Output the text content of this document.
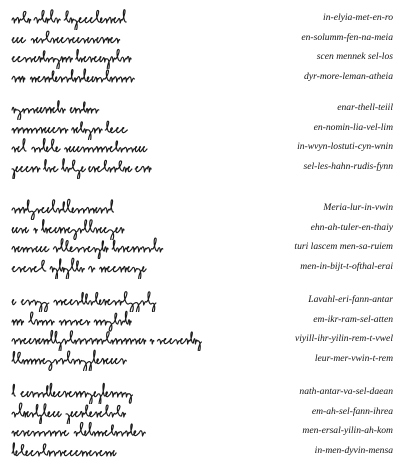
in-elyia-met-en-ro
en-solumm-fen-na-meia
scen mennek sel-los
dyr-more-leman-atheia
enar-thell-teiil
en-nomin-lia-vel-lim
in-wvyn-lostuti-cyn-wnin
sel-les-hahn-rudis-fynn
Meria-lur-in-vwin
ehn-ah-tuler-en-thaiy
turi lascem men-sa-ruiem
men-in-bijt-t-ofthal-erai
Lavahl-eri-fann-antar
em-ikr-ram-sel-atten
viyill-ihr-yilin-rem-t-vwel
leur-mer-vwin-t-rem
nath-antar-va-sel-daean
em-ah-sel-fann-ihrea
men-ersal-yilin-ah-kom
in-men-dyvin-mensa
